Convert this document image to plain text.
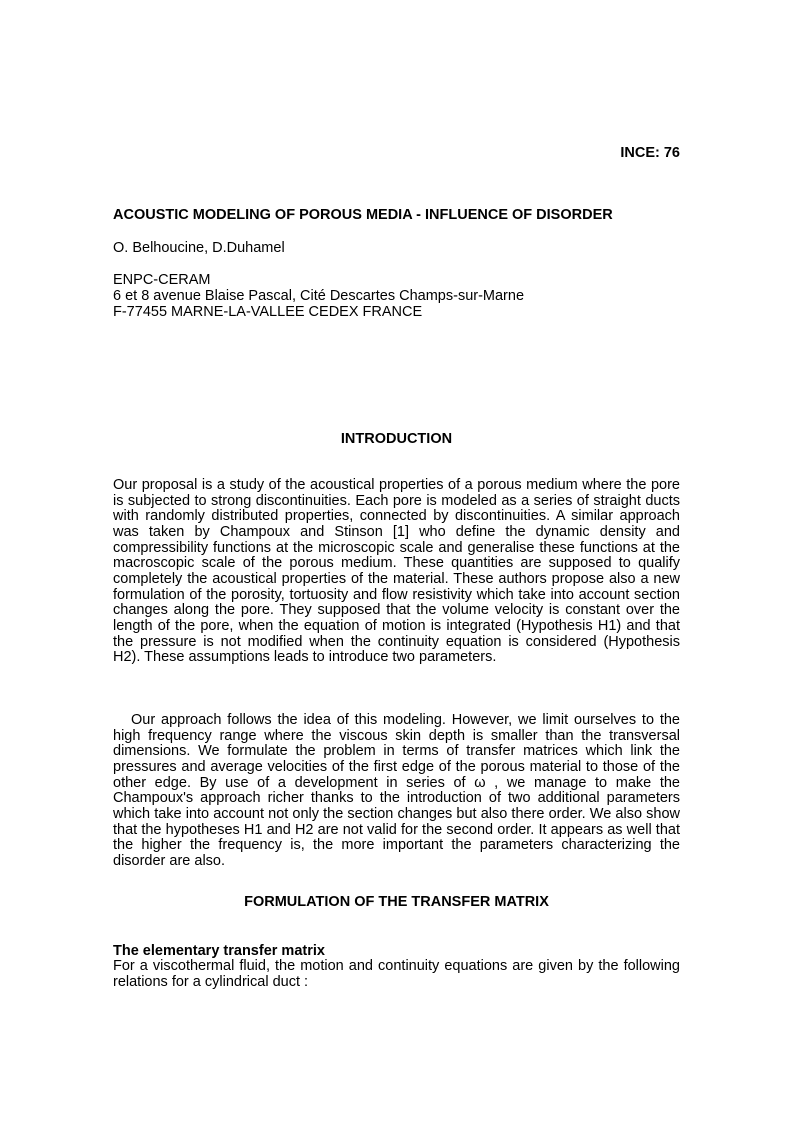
INCE: 76
ACOUSTIC MODELING OF POROUS MEDIA - INFLUENCE OF DISORDER
O. Belhoucine, D.Duhamel
ENPC-CERAM
6 et 8 avenue Blaise Pascal, Cité Descartes Champs-sur-Marne
F-77455 MARNE-LA-VALLEE CEDEX FRANCE
INTRODUCTION

Our proposal is a study of the acoustical properties of a porous medium where the pore is subjected to strong discontinuities. Each pore is modeled as a series of straight ducts with randomly distributed properties, connected by discontinuities. A similar approach was taken by Champoux and Stinson [1] who define the dynamic density and compressibility functions at the microscopic scale and generalise these functions at the macroscopic scale of the porous medium. These quantities are supposed to qualify completely the acoustical properties of the material. These authors propose also a new formulation of the porosity, tortuosity and flow resistivity which take into account section changes along the pore. They supposed that the volume velocity is constant over the length of the pore, when the equation of motion is integrated (Hypothesis H1) and that the pressure is not modified when the continuity equation is considered (Hypothesis H2). These assumptions leads to introduce two parameters.

Our approach follows the idea of this modeling. However, we limit ourselves to the high frequency range where the viscous skin depth is smaller than the transversal dimensions. We formulate the problem in terms of transfer matrices which link the pressures and average velocities of the first edge of the porous material to those of the other edge. By use of a development in series of ω , we manage to make the Champoux's approach richer thanks to the introduction of two additional parameters which take into account not only the section changes but also there order. We also show that the hypotheses H1 and H2 are not valid for the second order. It appears as well that the higher the frequency is, the more important the parameters characterizing the disorder are also.

FORMULATION OF THE TRANSFER MATRIX
The elementary transfer matrix

For a viscothermal fluid, the motion and continuity equations are given by the following relations for a cylindrical duct :
